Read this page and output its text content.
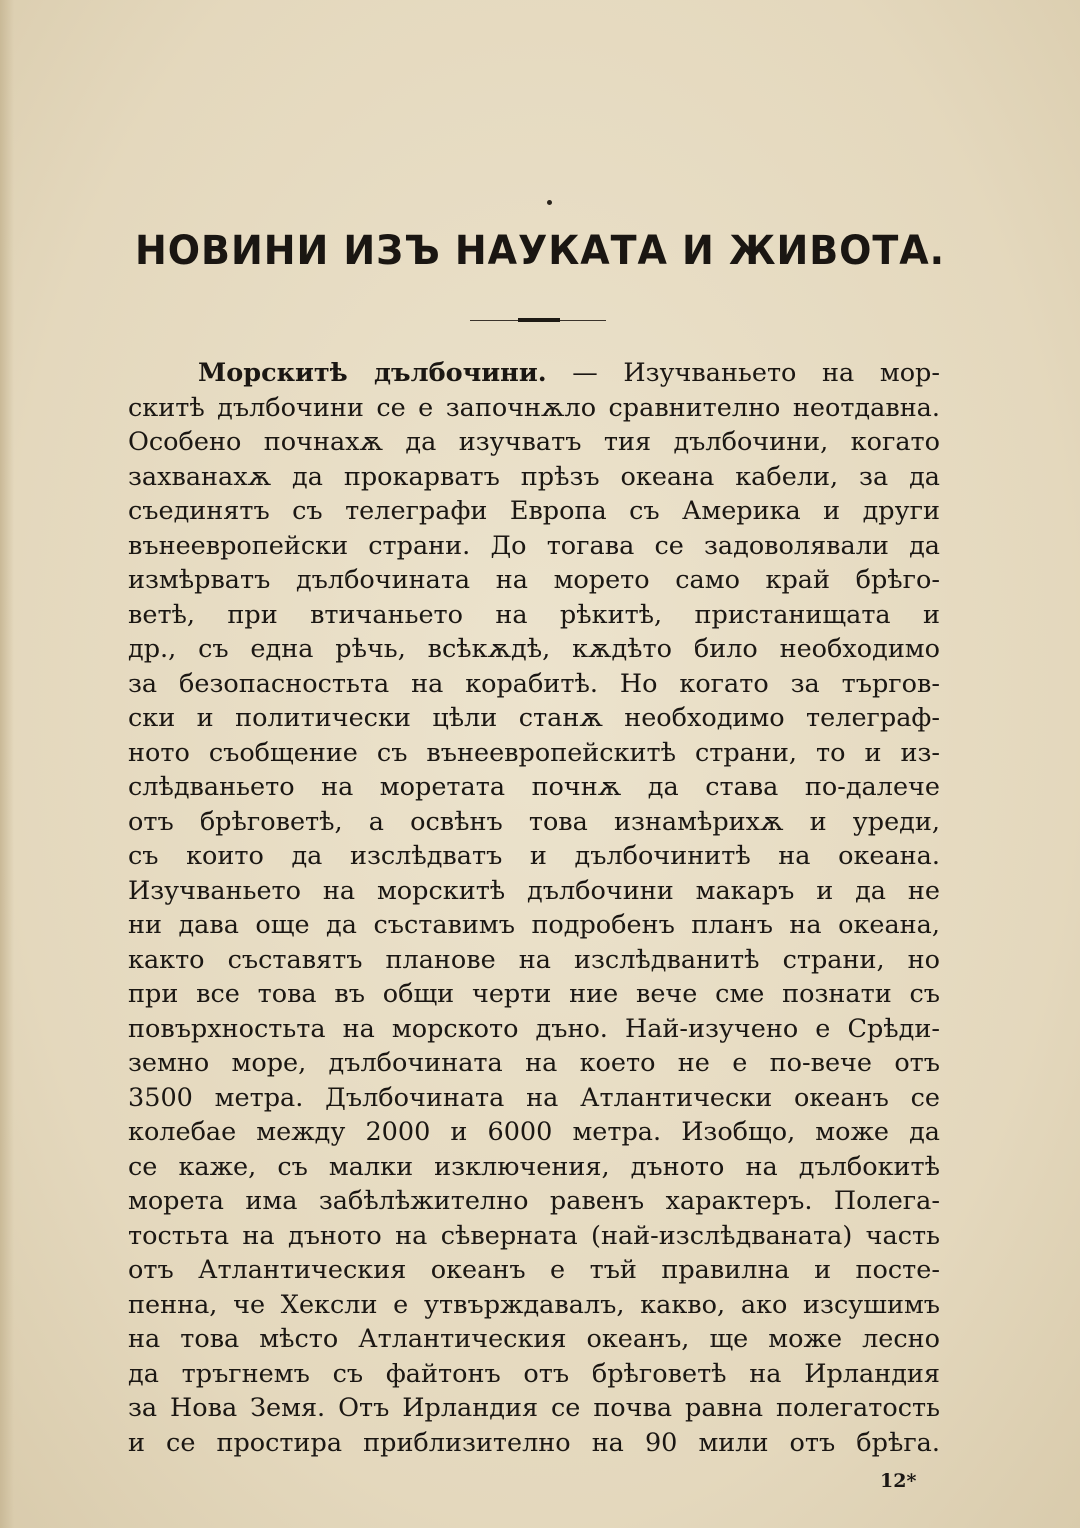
НОВИНИ ИЗЪ НАУКАТА И ЖИВОТА.
Морскитѣ дълбочини. — Изучваньето на мор-
скитѣ дълбочини се е започнѫло сравнително неотдавна.
Особено почнахѫ да изучватъ тия дълбочини, когато
захванахѫ да прокарватъ прѣзъ океана кабели, за да
съединятъ съ телеграфи Европа съ Америка и други
вънеевропейски страни. До тогава се задоволявали да
измѣрватъ дълбочината на морето само край брѣго-
ветѣ, при втичаньето на рѣкитѣ, пристанищата и
др., съ една рѣчь, всѣкѫдѣ, кѫдѣто било необходимо
за безопасностьта на корабитѣ. Но когато за търгов-
ски и политически цѣли станѫ необходимо телеграф-
ното съобщение съ вънеевропейскитѣ страни, то и из-
слѣдваньето на моретата почнѫ да става по-далече
отъ брѣговетѣ, а освѣнъ това изнамѣрихѫ и уреди,
съ които да изслѣдватъ и дълбочинитѣ на океана.
Изучваньето на морскитѣ дълбочини макаръ и да не
ни дава още да съставимъ подробенъ планъ на океана,
както съставятъ планове на изслѣдванитѣ страни, но
при все това въ общи черти ние вече сме познати съ
повърхностьта на морското дъно. Най-изучено е Срѣди-
земно море, дълбочината на което не е по-вече отъ
3500 метра. Дълбочината на Атлантически океанъ се
колебае между 2000 и 6000 метра. Изобщо, може да
се каже, съ малки изключения, дъното на дълбокитѣ
морета има забѣлѣжително равенъ характеръ. Полега-
тостьта на дъното на сѣверната (най-изслѣдваната) часть
отъ Атлантическия океанъ е тъй правилна и посте-
пенна, че Хексли е утвърждавалъ, какво, ако изсушимъ
на това мѣсто Атлантическия океанъ, ще може лесно
да тръгнемъ съ файтонъ отъ брѣговетѣ на Ирландия
за Нова Земя. Отъ Ирландия се почва равна полегатость
и се простира приблизително на 90 мили отъ брѣга.
12*
